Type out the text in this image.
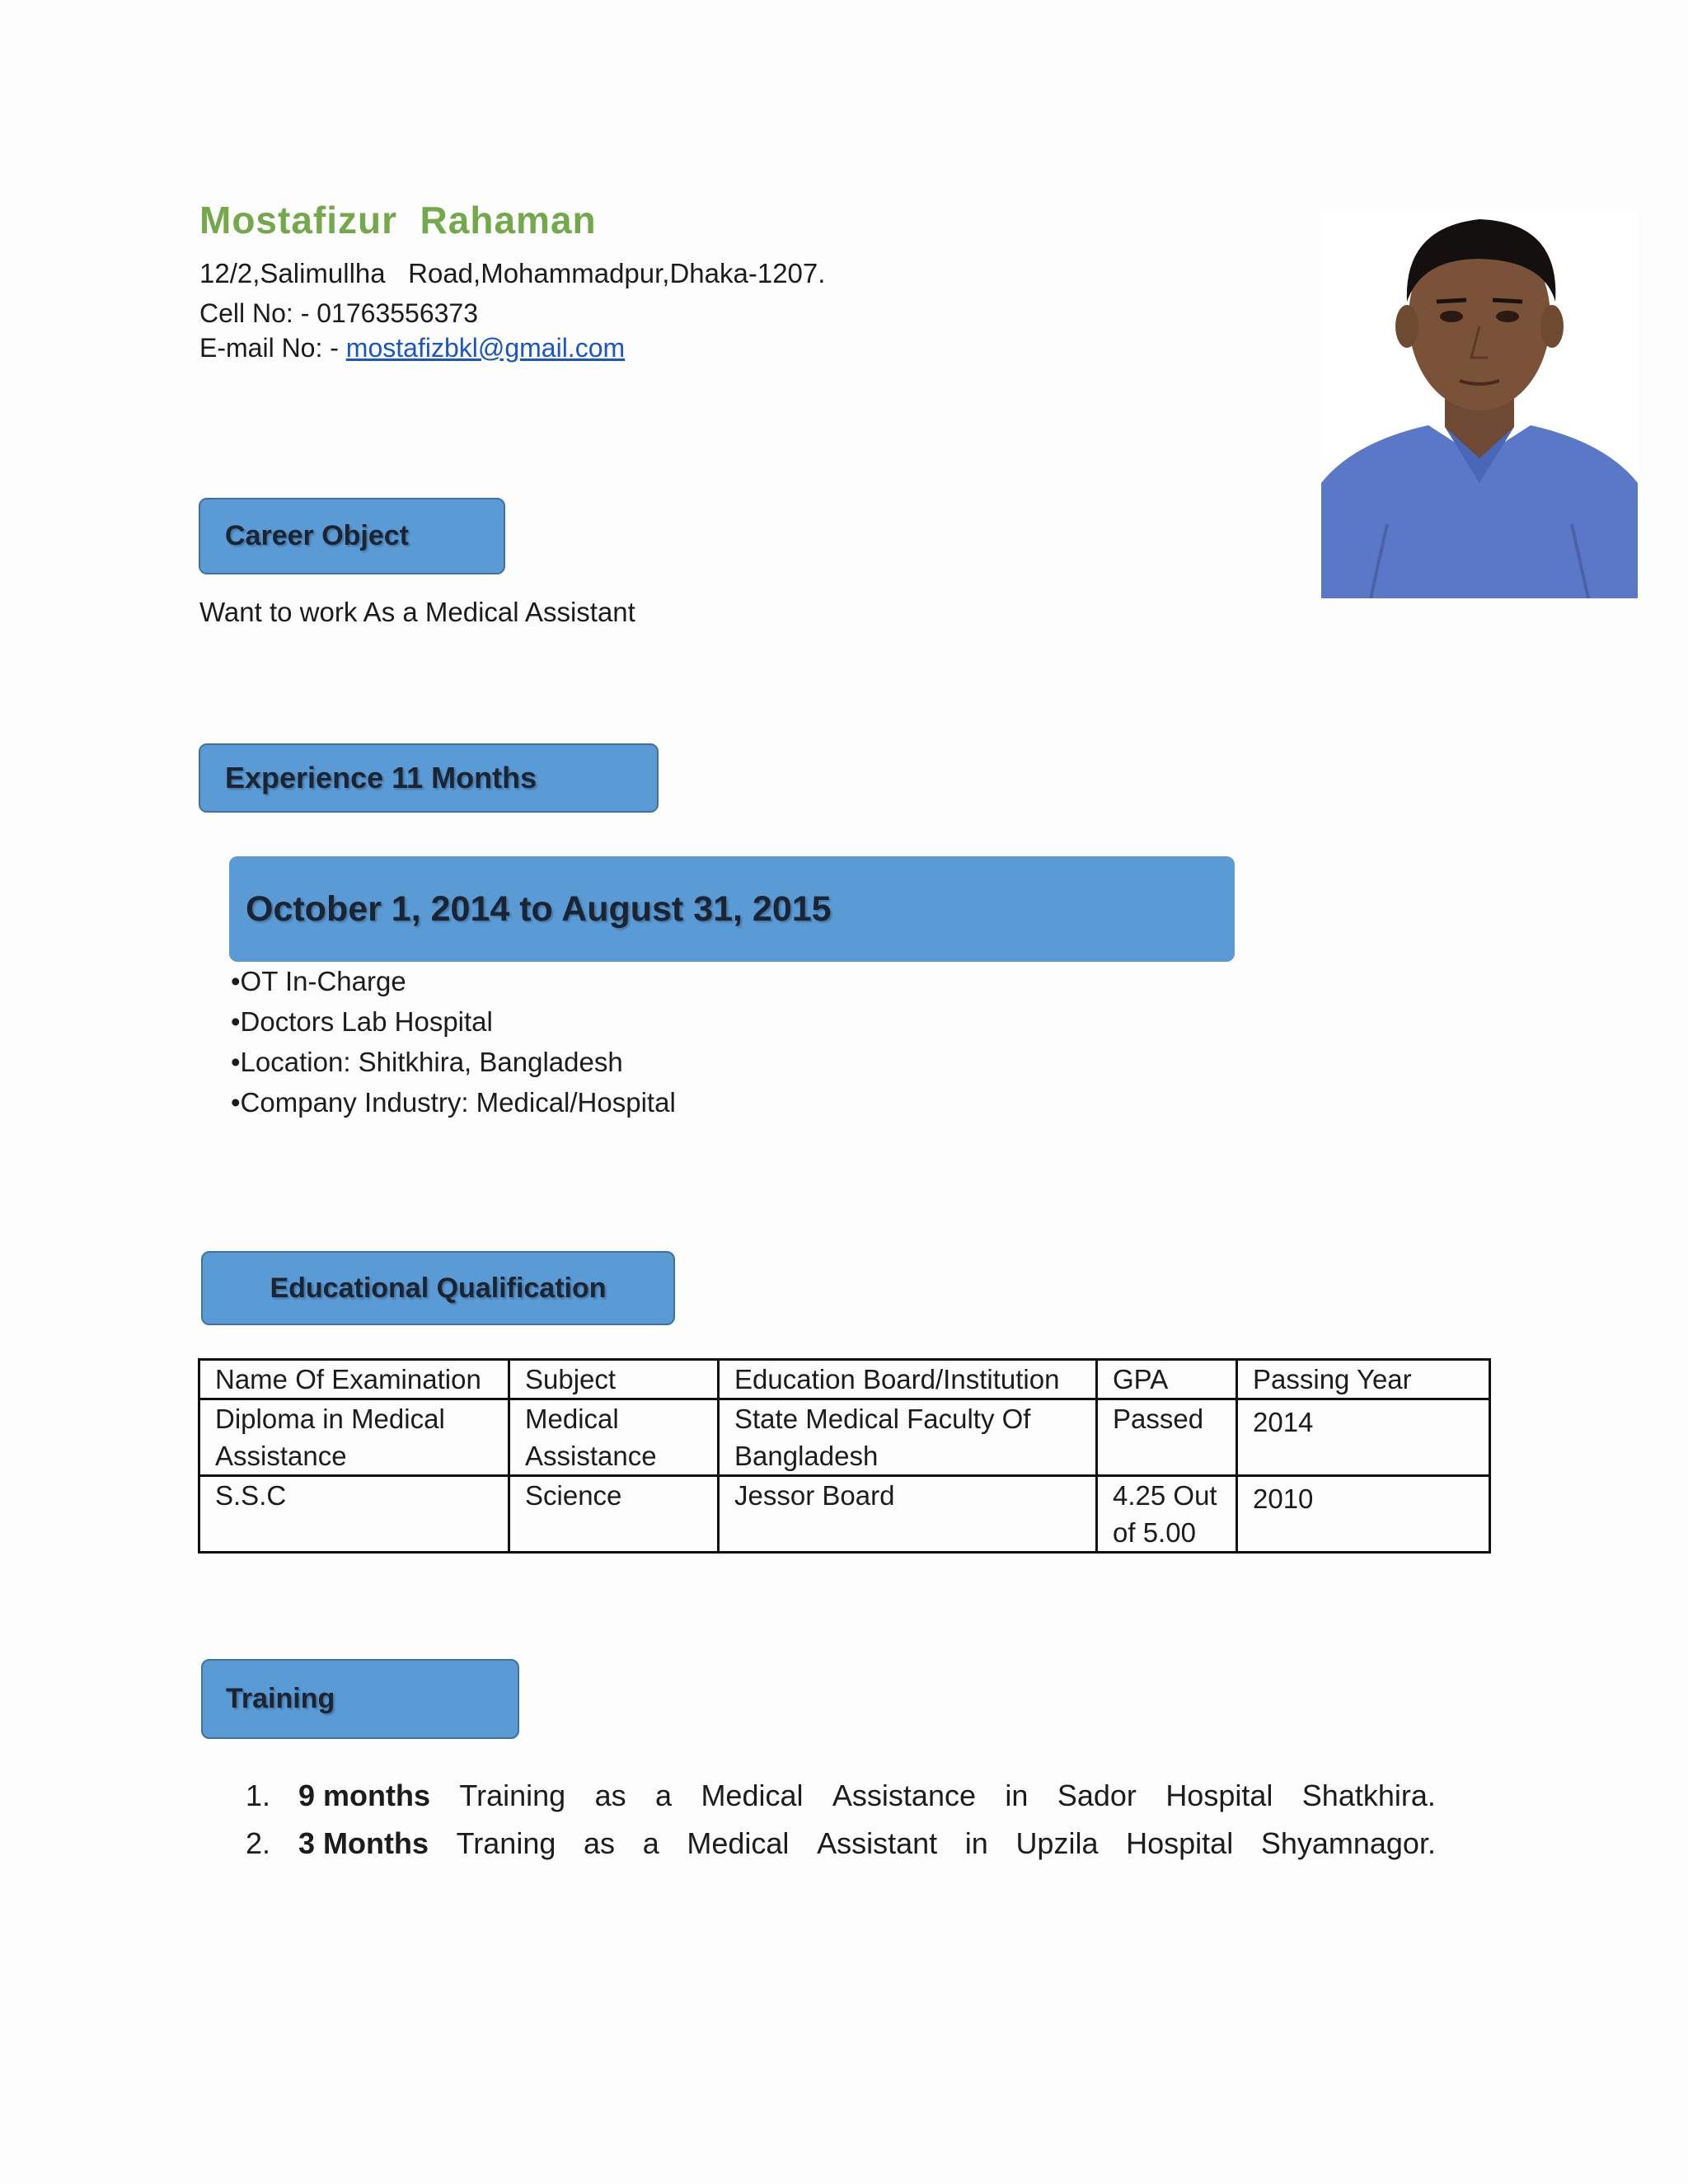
Mostafizur  Rahaman
12/2,Salimullha   Road,Mohammadpur,Dhaka-1207.
Cell No: - 01763556373
E-mail No: - mostafizbkl@gmail.com
Career Object
Want to work As a Medical Assistant
Experience 11 Months
October 1, 2014 to August 31, 2015
•OT In-Charge
•Doctors Lab Hospital
•Location: Shitkhira, Bangladesh
•Company Industry: Medical/Hospital
Educational Qualification
Name Of Examination	Subject	Education Board/Institution	GPA	Passing Year
Diploma in Medical Assistance	Medical Assistance	State Medical Faculty Of Bangladesh	Passed	2014
S.S.C	Science	Jessor Board	4.25 Out of 5.00	2010
Training
1. 9 months Training as a Medical Assistance in Sador Hospital Shatkhira.
2. 3 Months Traning as a Medical Assistant in Upzila Hospital Shyamnagor.
